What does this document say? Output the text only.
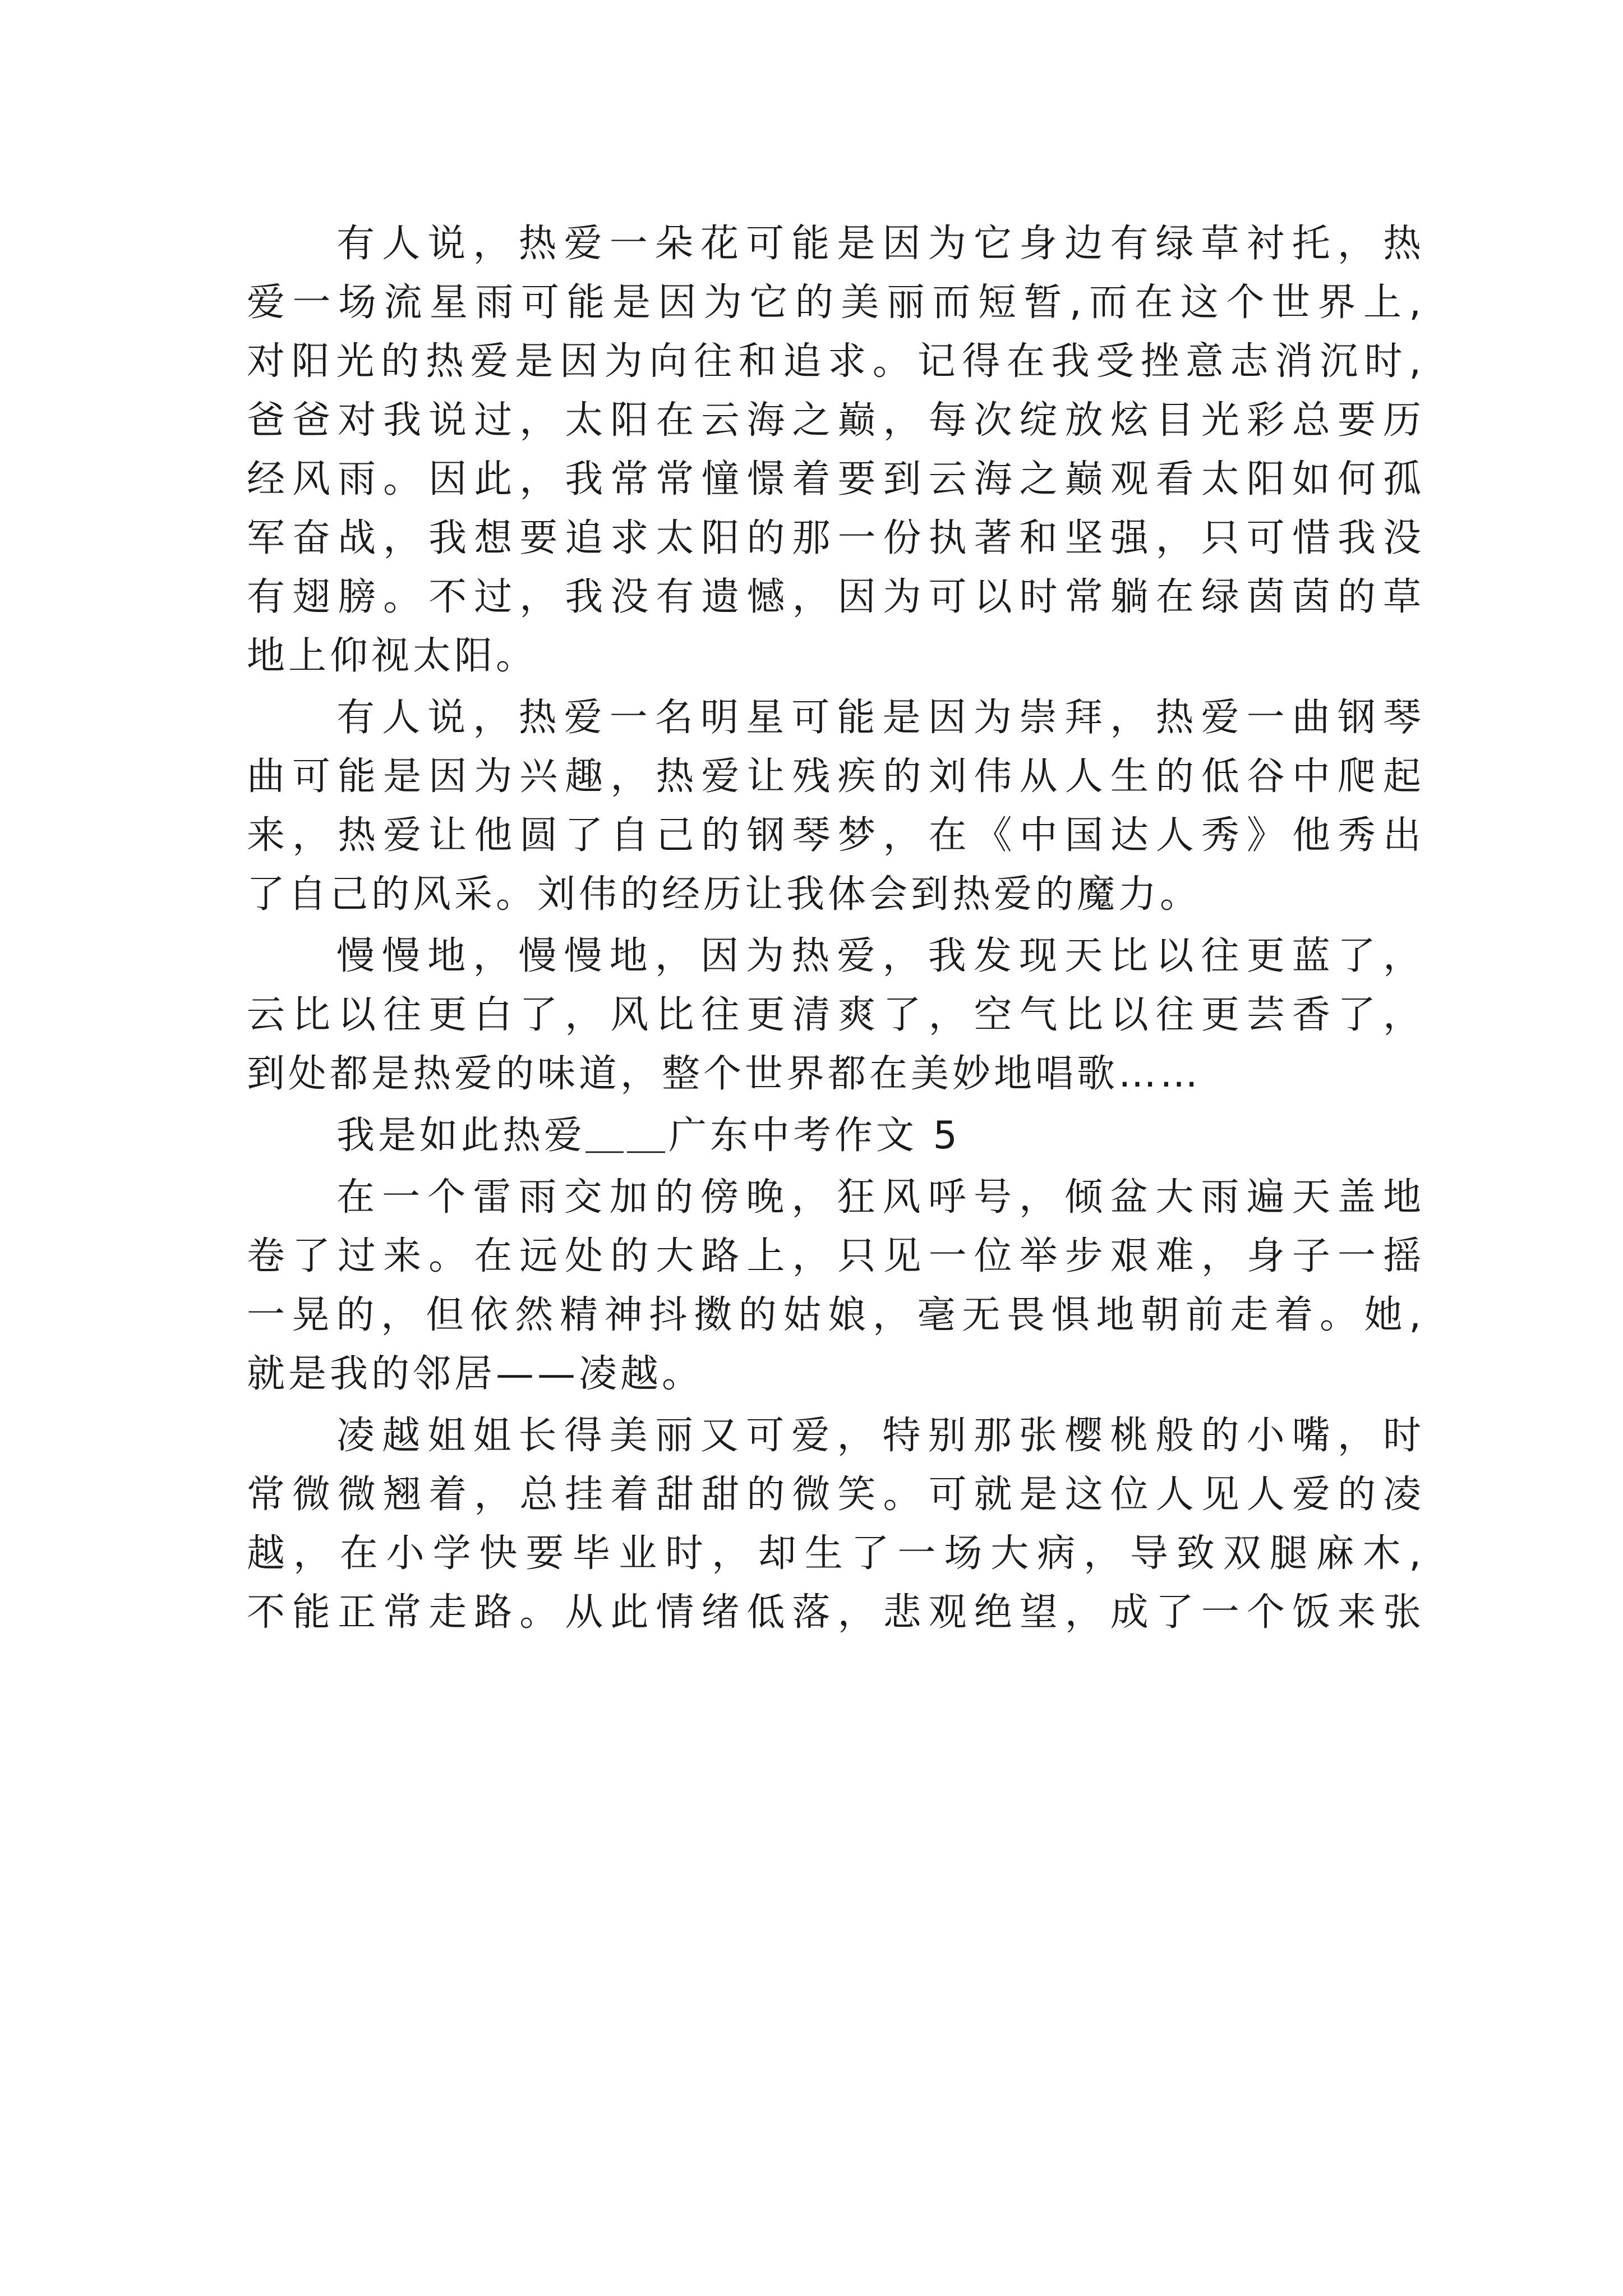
有人说，热爱一朵花可能是因为它身边有绿草衬托，热

爱一场流星雨可能是因为它的美丽而短暂,而在这个世界上,

对阳光的热爱是因为向往和追求。记得在我受挫意志消沉时,

爸爸对我说过，太阳在云海之巅，每次绽放炫目光彩总要历

经风雨。因此，我常常憧憬着要到云海之巅观看太阳如何孤

军奋战，我想要追求太阳的那一份执著和坚强，只可惜我没

有翅膀。不过，我没有遗憾，因为可以时常躺在绿茵茵的草

地上仰视太阳。

有人说，热爱一名明星可能是因为崇拜，热爱一曲钢琴

曲可能是因为兴趣，热爱让残疾的刘伟从人生的低谷中爬起

来，热爱让他圆了自己的钢琴梦，在《中国达人秀》他秀出

了自己的风采。刘伟的经历让我体会到热爱的魔力。

慢慢地，慢慢地，因为热爱，我发现天比以往更蓝了，

云比以往更白了，风比往更清爽了，空气比以往更芸香了，

到处都是热爱的味道，整个世界都在美妙地唱歌……

我是如此热爱＿＿广东中考作文 5

在一个雷雨交加的傍晚，狂风呼号，倾盆大雨遍天盖地

卷了过来。在远处的大路上，只见一位举步艰难，身子一摇

一晃的，但依然精神抖擞的姑娘，毫无畏惧地朝前走着。她,

就是我的邻居——凌越。

凌越姐姐长得美丽又可爱，特别那张樱桃般的小嘴，时

常微微翘着，总挂着甜甜的微笑。可就是这位人见人爱的凌

越，在小学快要毕业时，却生了一场大病，导致双腿麻木,

不能正常走路。从此情绪低落，悲观绝望，成了一个饭来张
